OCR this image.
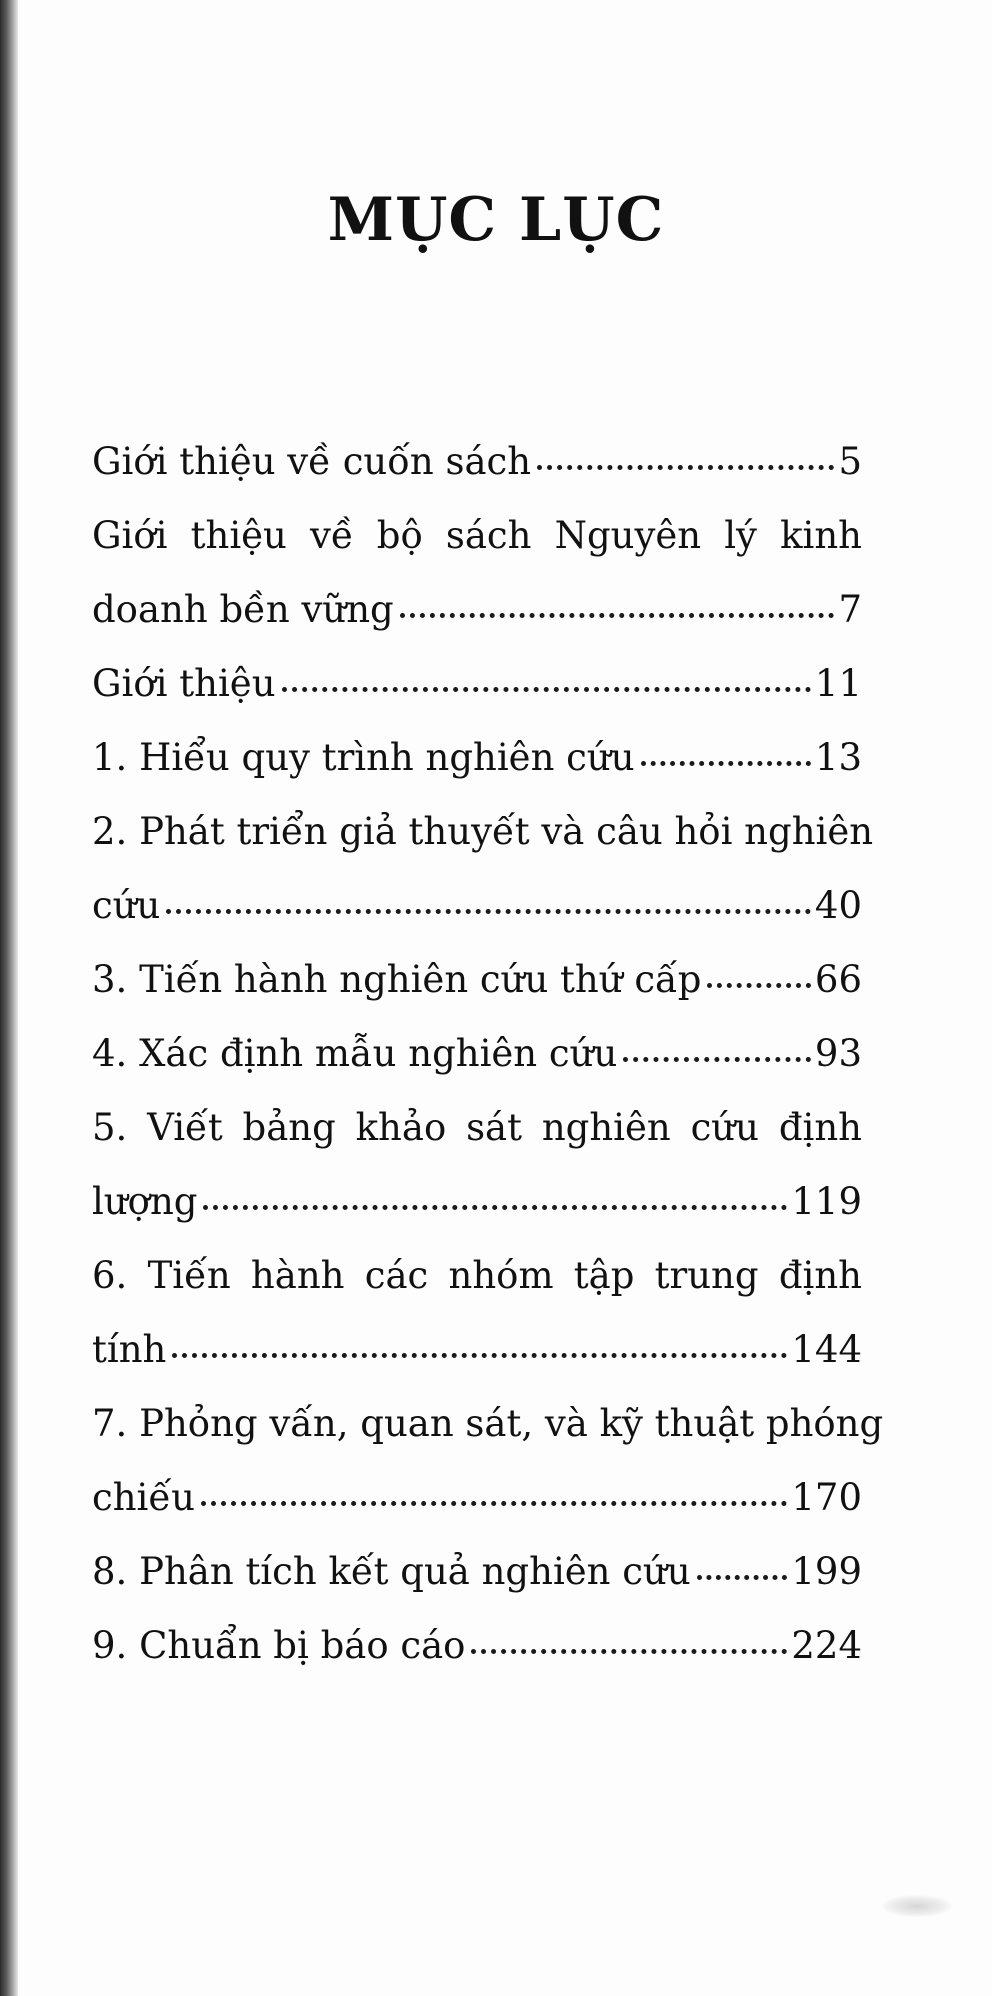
MỤC LỤC
Giới thiệu về cuốn sách	5
Giới thiệu về bộ sách Nguyên lý kinh
doanh bền vững	7
Giới thiệu	11
1. Hiểu quy trình nghiên cứu	13
2. Phát triển giả thuyết và câu hỏi nghiên
cứu	40
3. Tiến hành nghiên cứu thứ cấp	66
4. Xác định mẫu nghiên cứu	93
5. Viết bảng khảo sát nghiên cứu định
lượng	119
6. Tiến hành các nhóm tập trung định
tính	144
7. Phỏng vấn, quan sát, và kỹ thuật phóng
chiếu	170
8. Phân tích kết quả nghiên cứu	199
9. Chuẩn bị báo cáo	224
